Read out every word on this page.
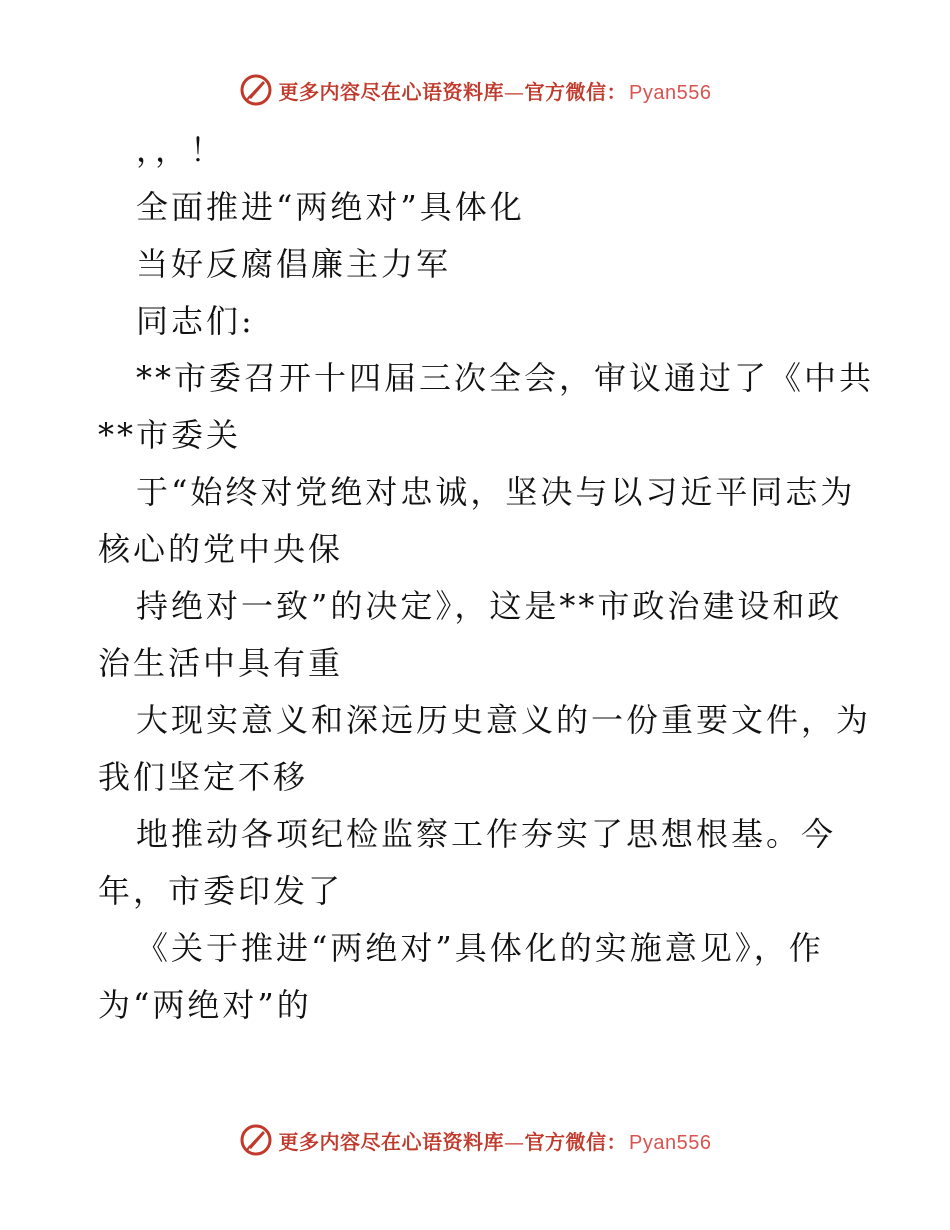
更多内容尽在心语资料库—官方微信： Pyan556
，，！
全面推进“两绝对”具体化
当好反腐倡廉主力军
同志们:
**市委召开十四届三次全会，审议通过了《中共
**市委关
于“始终对党绝对忠诚，坚决与以习近平同志为
核心的党中央保
持绝对一致”的决定》，这是**市政治建设和政
治生活中具有重
大现实意义和深远历史意义的一份重要文件，为
我们坚定不移
地推动各项纪检监察工作夯实了思想根基。今
年，市委印发了
《关于推进“两绝对”具体化的实施意见》，作
为“两绝对”的
更多内容尽在心语资料库—官方微信： Pyan556
